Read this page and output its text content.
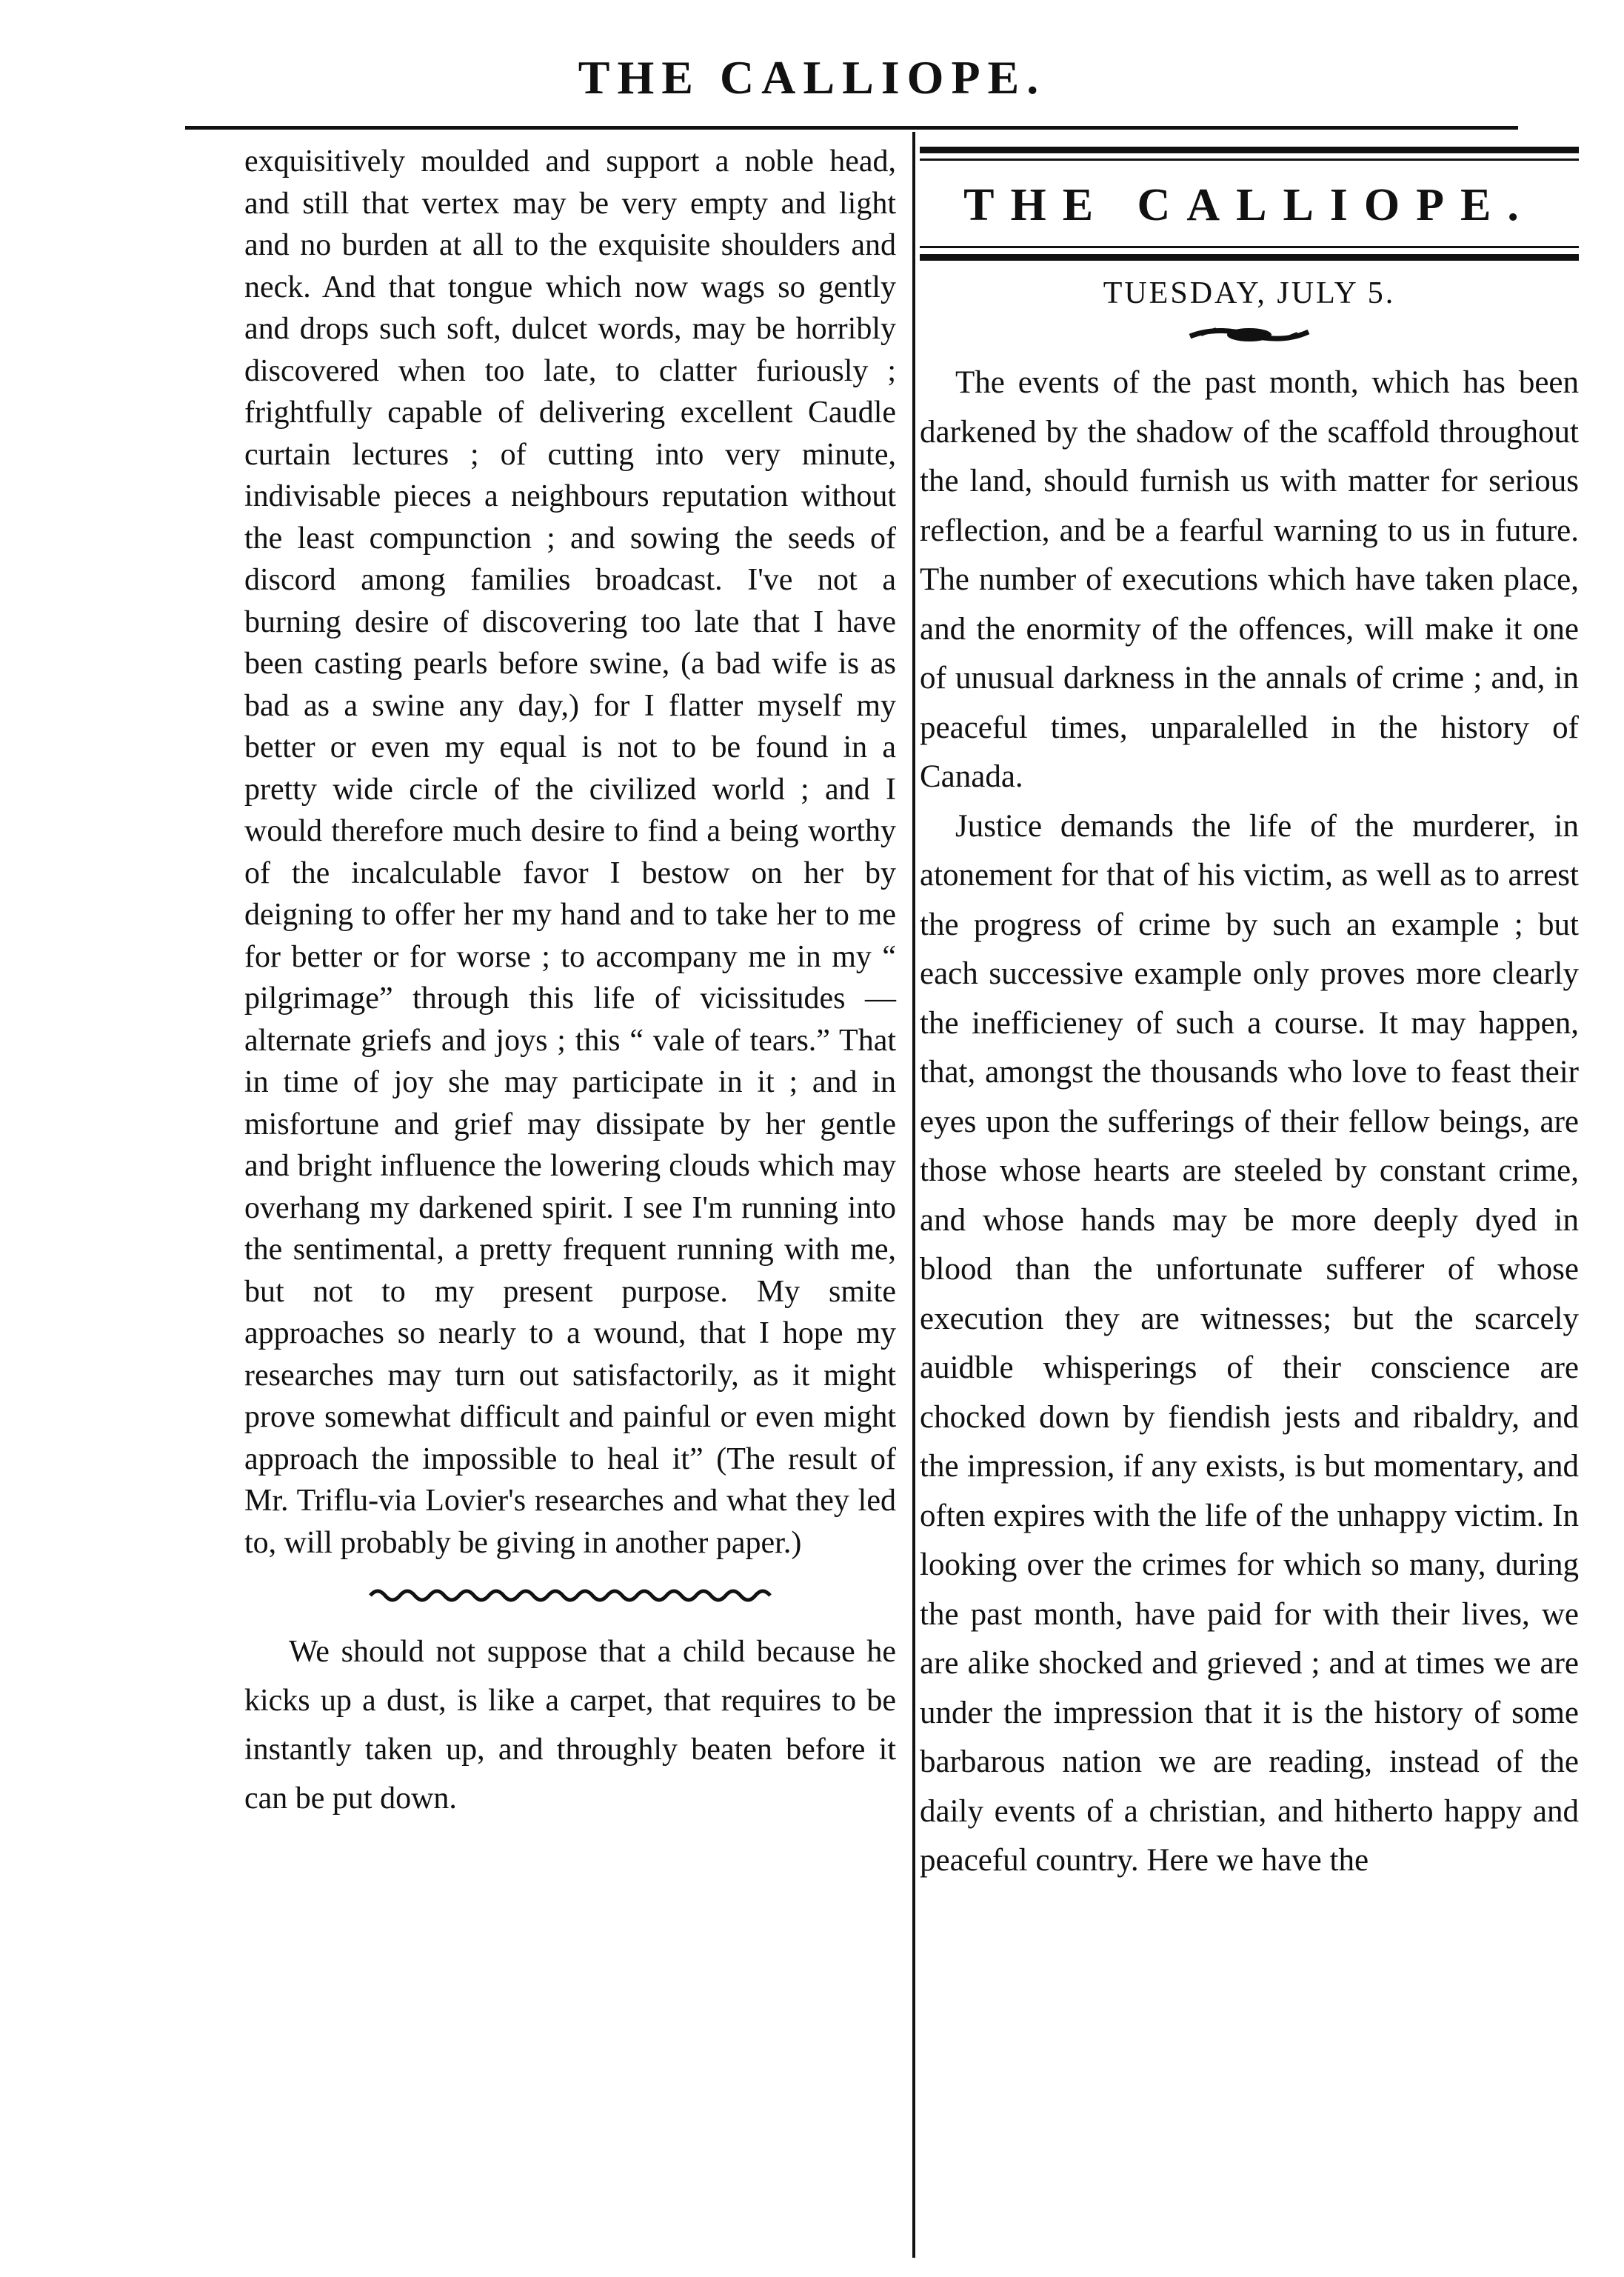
THE CALLIOPE.

exquisitively moulded and support a noble head, and still that vertex may be very empty and light and no burden at all to the exquisite shoulders and neck. And that tongue which now wags so gently and drops such soft, dulcet words, may be horribly discovered when too late, to clatter furiously ; frightfully capable of delivering excellent Caudle curtain lectures ; of cutting into very minute, indivisable pieces a neighbours reputation without the least compunction ; and sowing the seeds of discord among families broadcast. I've not a burning desire of discovering too late that I have been casting pearls before swine, (a bad wife is as bad as a swine any day,) for I flatter myself my better or even my equal is not to be found in a pretty wide circle of the civilized world ; and I would therefore much desire to find a being worthy of the incalculable favor I bestow on her by deigning to offer her my hand and to take her to me for better or for worse ; to accompany me in my “ pilgrimage” through this life of vicissitudes —alternate griefs and joys ; this “ vale of tears.” That in time of joy she may participate in it ; and in misfortune and grief may dissipate by her gentle and bright influence the lowering clouds which may overhang my darkened spirit. I see I'm running into the sentimental, a pretty frequent running with me, but not to my present purpose. My smite approaches so nearly to a wound, that I hope my researches may turn out satisfactorily, as it might prove somewhat difficult and painful or even might approach the impossible to heal it” (The result of Mr. Triflu-via Lovier's researches and what they led to, will probably be giving in another paper.)

We should not suppose that a child because he kicks up a dust, is like a carpet, that requires to be instantly taken up, and throughly beaten before it can be put down.

THE CALLIOPE.
TUESDAY, JULY 5.

The events of the past month, which has been darkened by the shadow of the scaffold throughout the land, should furnish us with matter for serious reflection, and be a fearful warning to us in future. The number of executions which have taken place, and the enormity of the offences, will make it one of unusual darkness in the annals of crime ; and, in peaceful times, unparalelled in the history of Canada.

Justice demands the life of the murderer, in atonement for that of his victim, as well as to arrest the progress of crime by such an example ; but each successive example only proves more clearly the inefficieney of such a course. It may happen, that, amongst the thousands who love to feast their eyes upon the sufferings of their fellow beings, are those whose hearts are steeled by constant crime, and whose hands may be more deeply dyed in blood than the unfortunate sufferer of whose execution they are witnesses; but the scarcely auidble whisperings of their conscience are chocked down by fiendish jests and ribaldry, and the impression, if any exists, is but momentary, and often expires with the life of the unhappy victim. In looking over the crimes for which so many, during the past month, have paid for with their lives, we are alike shocked and grieved ; and at times we are under the impression that it is the history of some barbarous nation we are reading, instead of the daily events of a christian, and hitherto happy and peaceful country. Here we have the
